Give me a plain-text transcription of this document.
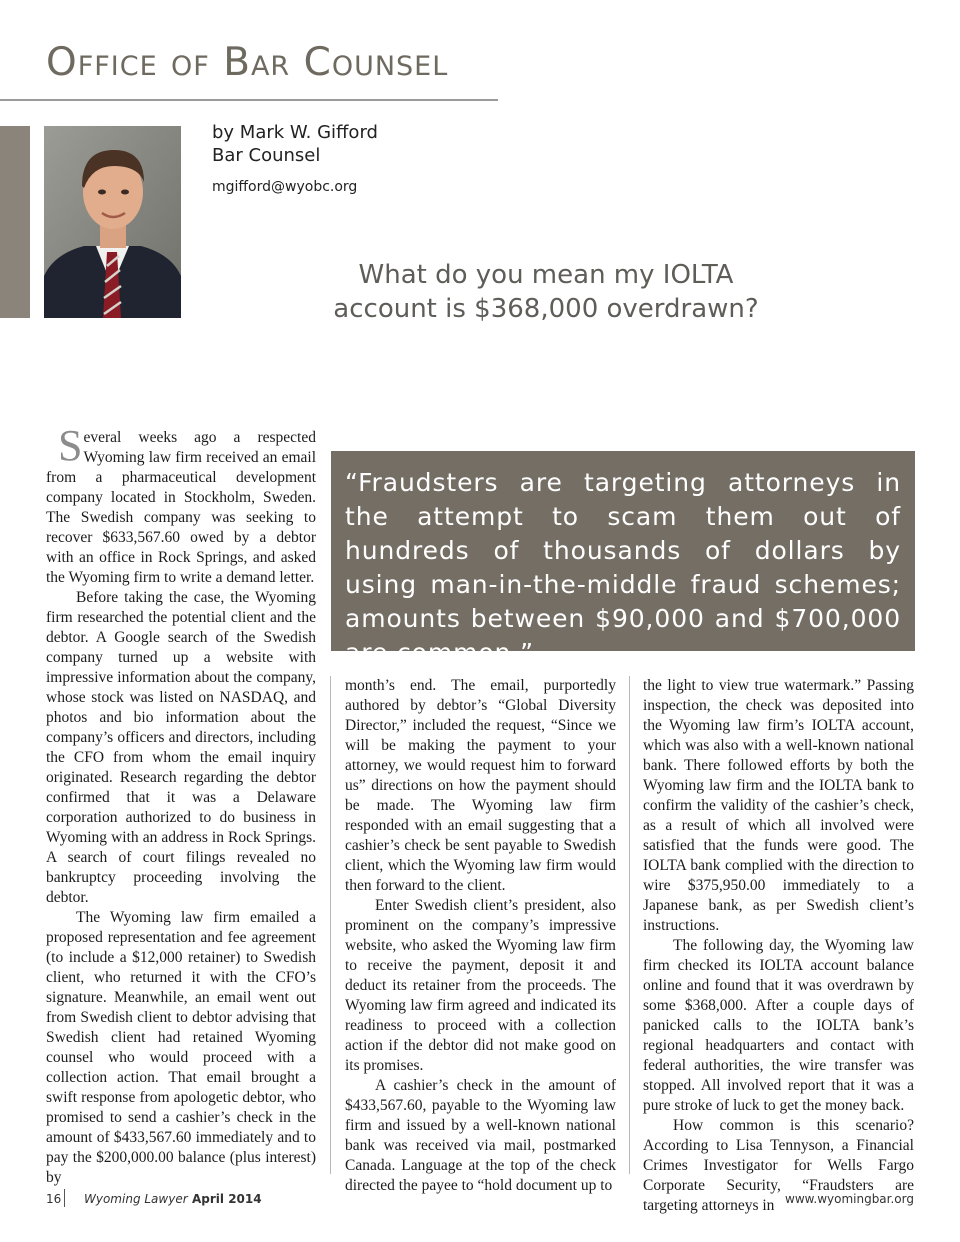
Office of Bar Counsel
by Mark W. Gifford
Bar Counsel
mgifford@wyobc.org
What do you mean my IOLTA
account is $368,000 overdrawn?

Several weeks ago a respected Wyoming law firm received an email from a pharmaceutical development company located in Stockholm, Sweden. The Swedish company was seeking to recover $633,567.60 owed by a debtor with an office in Rock Springs, and asked the Wyoming firm to write a demand letter.

Before taking the case, the Wyoming firm researched the potential client and the debtor. A Google search of the Swedish company turned up a website with impressive information about the company, whose stock was listed on NASDAQ, and photos and bio information about the company’s officers and directors, including the CFO from whom the email inquiry originated. Research regarding the debtor confirmed that it was a Delaware corporation authorized to do business in Wyoming with an address in Rock Springs. A search of court filings revealed no bankruptcy proceeding involving the debtor.

The Wyoming law firm emailed a proposed representation and fee agreement (to include a $12,000 retainer) to Swedish client, who returned it with the CFO’s signature. Meanwhile, an email went out from Swedish client to debtor advising that Swedish client had retained Wyoming counsel who would proceed with a collection action. That email brought a swift response from apologetic debtor, who promised to send a cashier’s check in the amount of $433,567.60 immediately and to pay the $200,000.00 balance (plus interest) by

“Fraudsters are targeting attorneys in the attempt to scam them out of hundreds of thousands of dollars by using man-in-the-middle fraud schemes; amounts between $90,000 and $700,000 are common.”

month’s end. The email, purportedly authored by debtor’s “Global Diversity Director,” included the request, “Since we will be making the payment to your attorney, we would request him to forward us” directions on how the payment should be made. The Wyoming law firm responded with an email suggesting that a cashier’s check be sent payable to Swedish client, which the Wyoming law firm would then forward to the client.

Enter Swedish client’s president, also prominent on the company’s impressive website, who asked the Wyoming law firm to receive the payment, deposit it and deduct its retainer from the proceeds. The Wyoming law firm agreed and indicated its readiness to proceed with a collection action if the debtor did not make good on its promises.

A cashier’s check in the amount of $433,567.60, payable to the Wyoming law firm and issued by a well-known national bank was received via mail, postmarked Canada. Language at the top of the check directed the payee to “hold document up to

the light to view true watermark.” Passing inspection, the check was deposited into the Wyoming law firm’s IOLTA account, which was also with a well-known national bank. There followed efforts by both the Wyoming law firm and the IOLTA bank to confirm the validity of the cashier’s check, as a result of which all involved were satisfied that the funds were good. The IOLTA bank complied with the direction to wire $375,950.00 immediately to a Japanese bank, as per Swedish client’s instructions.

The following day, the Wyoming law firm checked its IOLTA account balance online and found that it was overdrawn by some $368,000. After a couple days of panicked calls to the IOLTA bank’s regional headquarters and contact with federal authorities, the wire transfer was stopped. All involved report that it was a pure stroke of luck to get the money back.

How common is this scenario? According to Lisa Tennyson, a Financial Crimes Investigator for Wells Fargo Corporate Security, “Fraudsters are targeting attorneys in

16 Wyoming Lawyer April 2014	www.wyomingbar.org
